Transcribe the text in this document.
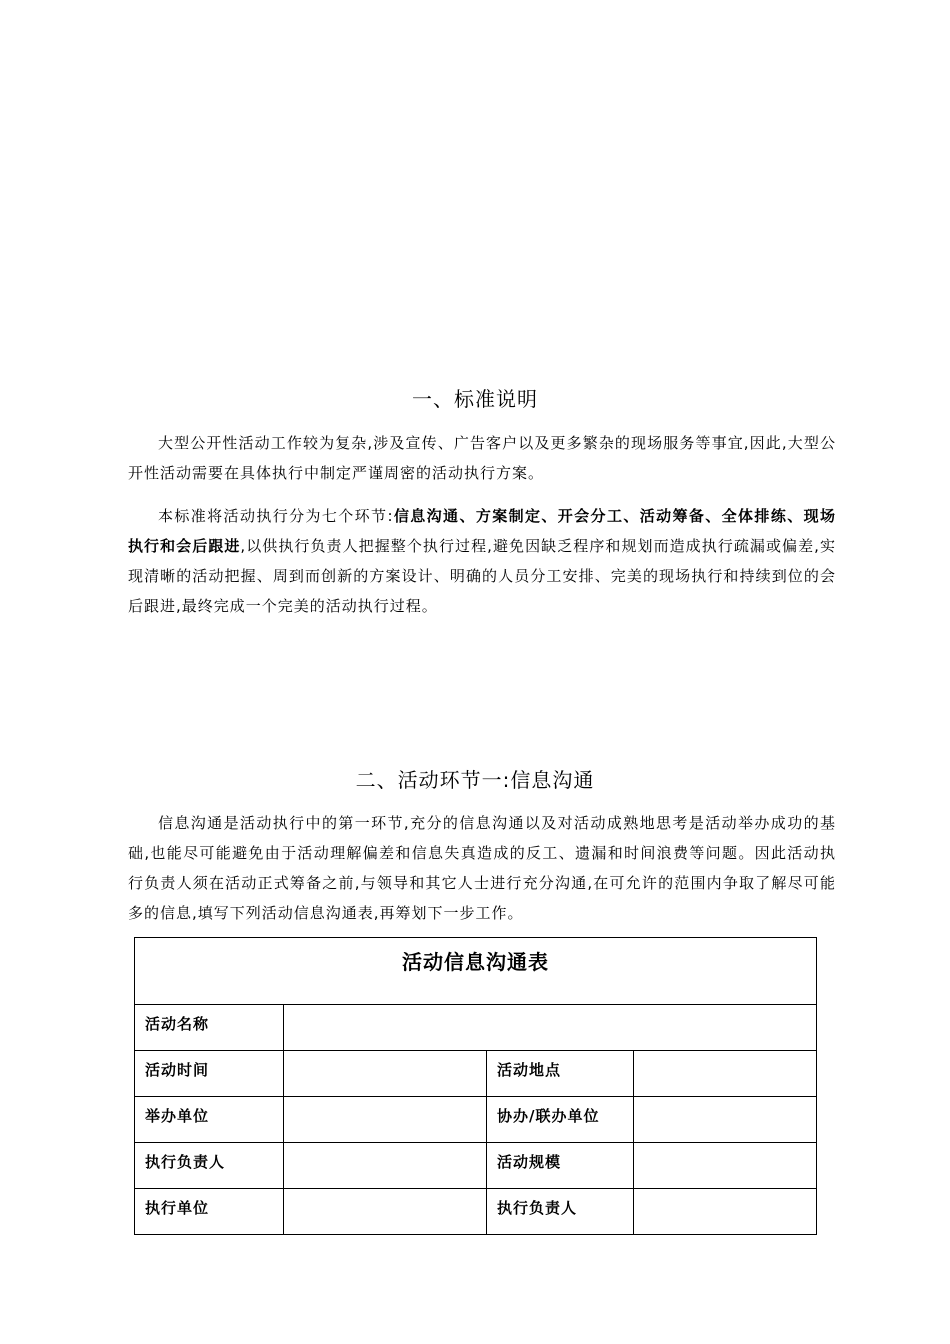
一、标准说明

大型公开性活动工作较为复杂,涉及宣传、广告客户以及更多繁杂的现场服务等事宜,因此,大型公开性活动需要在具体执行中制定严谨周密的活动执行方案。

本标准将活动执行分为七个环节:信息沟通、方案制定、开会分工、活动筹备、全体排练、现场执行和会后跟进,以供执行负责人把握整个执行过程,避免因缺乏程序和规划而造成执行疏漏或偏差,实现清晰的活动把握、周到而创新的方案设计、明确的人员分工安排、完美的现场执行和持续到位的会后跟进,最终完成一个完美的活动执行过程。

二、活动环节一:信息沟通

信息沟通是活动执行中的第一环节,充分的信息沟通以及对活动成熟地思考是活动举办成功的基础,也能尽可能避免由于活动理解偏差和信息失真造成的反工、遗漏和时间浪费等问题。因此活动执行负责人须在活动正式筹备之前,与领导和其它人士进行充分沟通,在可允许的范围内争取了解尽可能多的信息,填写下列活动信息沟通表,再筹划下一步工作。

活动信息沟通表			
活动名称			
活动时间		活动地点	
举办单位		协办/联办单位	
执行负责人		活动规模	
执行单位		执行负责人	
